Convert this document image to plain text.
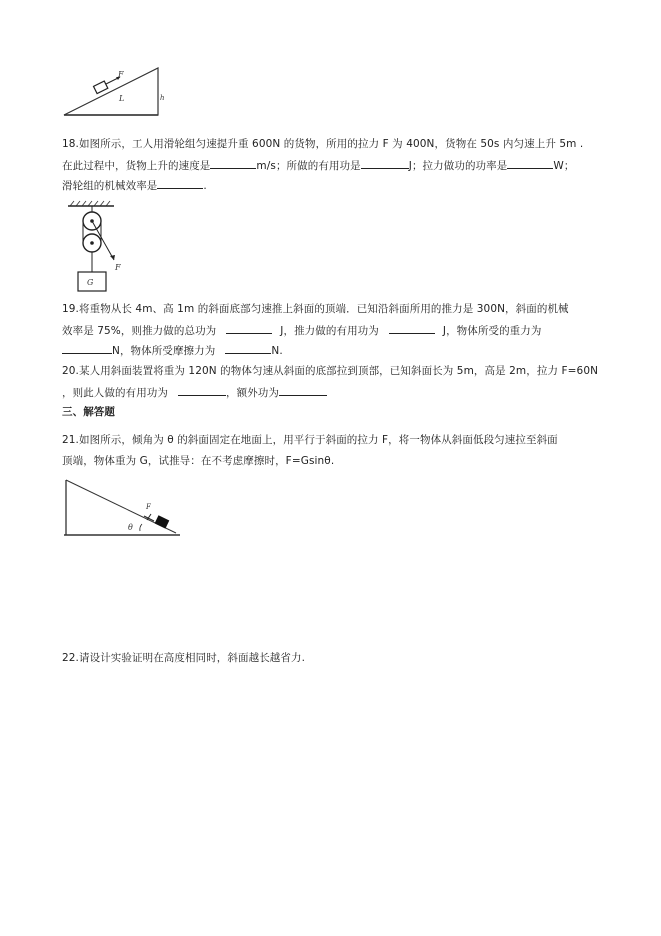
F
L	h
18.如图所示，工人用滑轮组匀速提升重 600N 的货物，所用的拉力 F 为 400N，货物在 50s 内匀速上升 5m .
在此过程中，货物上升的速度是	m/s；所做的有用功是	J；拉力做功的功率是	W；
滑轮组的机械效率是	.
F
G
19.将重物从长 4m、高 1m 的斜面底部匀速推上斜面的顶端．已知沿斜面所用的推力是 300N，斜面的机械
效率是 75%，则推力做的总功为	J，推力做的有用功为	J，物体所受的重力为
N，物体所受摩擦力为	N.
20.某人用斜面装置将重为 120N 的物体匀速从斜面的底部拉到顶部，已知斜面长为 5m，高是 2m，拉力 F=60N
，则此人做的有用功为	，额外功为
三、解答题
21.如图所示，倾角为 θ 的斜面固定在地面上，用平行于斜面的拉力 F，将一物体从斜面低段匀速拉至斜面
顶端，物体重为 G，试推导：在不考虑摩擦时，F=Gsinθ.
F
θ
22.请设计实验证明在高度相同时，斜面越长越省力.
